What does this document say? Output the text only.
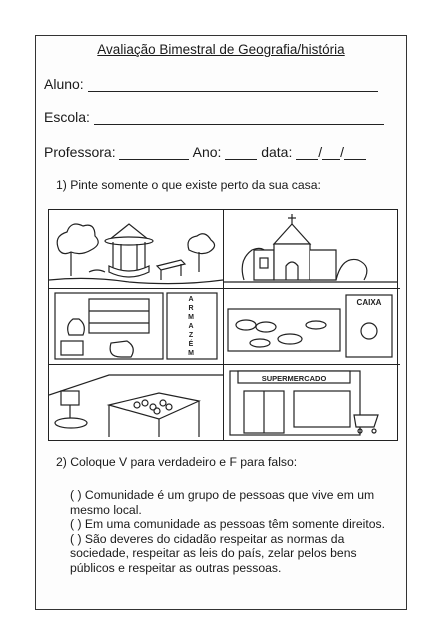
Avaliação Bimestral de Geografia/história
Aluno:
Escola:
Professora:	Ano:	data: / /
1) Pinte somente o que existe perto da sua casa:
A
R
M
A
Z
É
M
CAIXA
SUPERMERCADO
2) Coloque V para verdadeiro e F para falso:

( ) Comunidade é um grupo de pessoas que vive em um mesmo local.

( ) Em uma comunidade as pessoas têm somente direitos.

( ) São deveres do cidadão respeitar as normas da sociedade, respeitar as leis do país, zelar pelos bens públicos e respeitar as outras pessoas.
